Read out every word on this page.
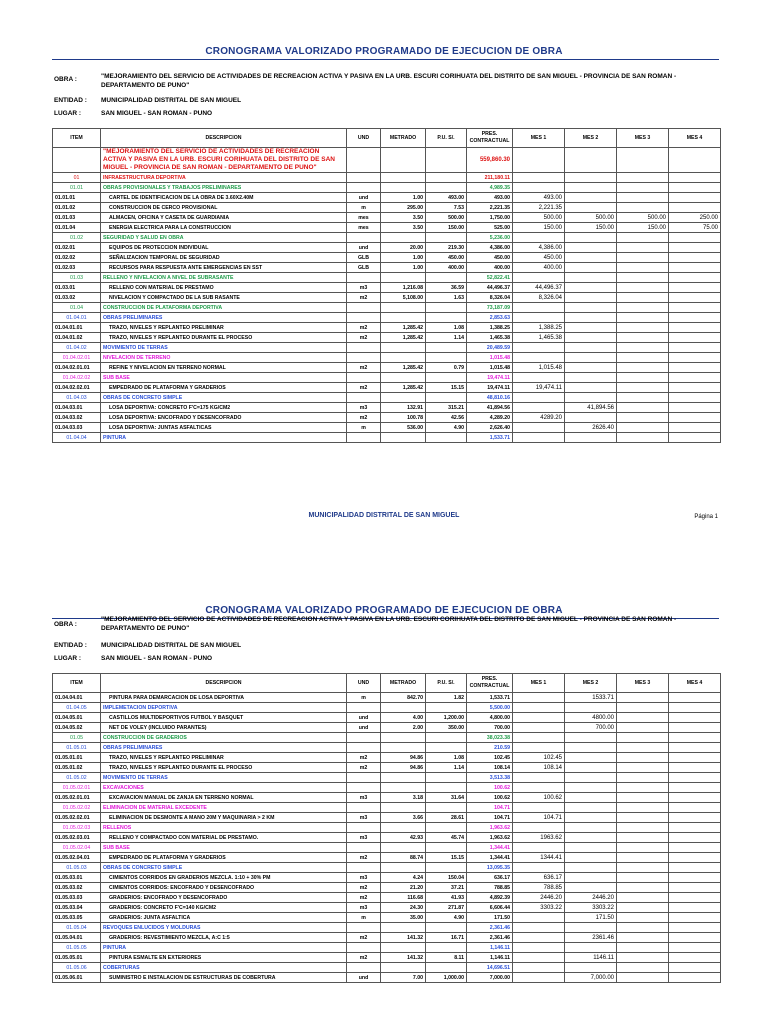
CRONOGRAMA VALORIZADO PROGRAMADO DE EJECUCION DE OBRA
OBRA :	"MEJORAMIENTO DEL SERVICIO DE ACTIVIDADES DE RECREACION ACTIVA Y PASIVA EN LA URB. ESCURI CORIHUATA DEL DISTRITO DE SAN MIGUEL - PROVINCIA DE SAN ROMAN - DEPARTAMENTO DE PUNO"
ENTIDAD : MUNICIPALIDAD DISTRITAL DE SAN MIGUEL
LUGAR :	SAN MIGUEL - SAN ROMAN - PUNO
ITEM	DESCRIPCION	UND	METRADO	P.U. S/.	PRES. CONTRACTUAL	MES 1	MES 2	MES 3	MES 4
	"MEJORAMIENTO DEL SERVICIO DE ACTIVIDADES DE RECREACION ACTIVA Y PASIVA EN LA URB. ESCURI CORIHUATA DEL DISTRITO DE SAN MIGUEL - PROVINCIA DE SAN ROMAN - DEPARTAMENTO DE PUNO"				559,860.30				
01	INFRAESTRUCTURA DEPORTIVA				211,180.11				
01.01	OBRAS PROVISIONALES Y TRABAJOS PRELIMINARES				4,989.35				
01.01.01	CARTEL DE IDENTIFICACION DE LA OBRA DE 3.60X2.40M	und	1.00	493.00	493.00	493.00			
01.01.02	CONSTRUCCION DE CERCO PROVISIONAL	m	295.00	7.53	2,221.35	2,221.35			
01.01.03	ALMACEN, OFICINA Y CASETA DE GUARDIANIA	mes	3.50	500.00	1,750.00	500.00	500.00	500.00	250.00
01.01.04	ENERGIA ELECTRICA PARA LA CONSTRUCCION	mes	3.50	150.00	525.00	150.00	150.00	150.00	75.00
01.02	SEGURIDAD Y SALUD EN OBRA				5,236.00				
01.02.01	EQUIPOS DE PROTECCION INDIVIDUAL	und	20.00	219.30	4,386.00	4,386.00			
01.02.02	SEÑALIZACION TEMPORAL DE SEGURIDAD	GLB	1.00	450.00	450.00	450.00			
01.02.03	RECURSOS PARA RESPUESTA ANTE EMERGENCIAS EN SST	GLB	1.00	400.00	400.00	400.00			
01.03	RELLENO Y NIVELACION A NIVEL DE SUBRASANTE				52,822.41				
01.03.01	RELLENO CON MATERIAL DE PRESTAMO	m3	1,216.08	36.59	44,496.37	44,496.37			
01.03.02	NIVELACION Y COMPACTADO DE LA SUB RASANTE	m2	5,108.00	1.63	8,326.04	8,326.04			
01.04	CONSTRUCCION DE PLATAFORMA DEPORTIVA				73,187.09				
01.04.01	OBRAS PRELIMINARES				2,853.63				
01.04.01.01	TRAZO, NIVELES Y REPLANTEO PRELIMINAR	m2	1,285.42	1.08	1,388.25	1,388.25			
01.04.01.02	TRAZO, NIVELES Y REPLANTEO DURANTE EL PROCESO	m2	1,285.42	1.14	1,465.38	1,465.38			
01.04.02	MOVIMIENTO DE TERRAS				20,489.59				
01.04.02.01	NIVELACION DE TERRENO				1,015.48				
01.04.02.01.01	REFINE Y NIVELACION EN TERRENO NORMAL	m2	1,285.42	0.79	1,015.48	1,015.48			
01.04.02.02	SUB BASE				19,474.11				
01.04.02.02.01	EMPEDRADO DE PLATAFORMA Y GRADERIOS	m2	1,285.42	15.15	19,474.11	19,474.11			
01.04.03	OBRAS DE CONCRETO SIMPLE				48,810.16				
01.04.03.01	LOSA DEPORTIVA: CONCRETO F'C=175 KG/CM2	m3	132.91	315.21	41,894.56		41,894.56		
01.04.03.02	LOSA DEPORTIVA: ENCOFRADO Y DESENCOFRADO	m2	100.78	42.56	4,289.20	4289.20			
01.04.03.03	LOSA DEPORTIVA: JUNTAS ASFALTICAS	m	536.00	4.90	2,626.40		2626.40		
01.04.04	PINTURA				1,533.71				
MUNICIPALIDAD DISTRITAL DE SAN MIGUEL	Página 1
CRONOGRAMA VALORIZADO PROGRAMADO DE EJECUCION DE OBRA
OBRA :
"MEJORAMIENTO DEL SERVICIO DE ACTIVIDADES DE RECREACION ACTIVA Y PASIVA EN LA URB. ESCURI CORIHUATA DEL DISTRITO DE SAN MIGUEL - PROVINCIA DE SAN ROMAN - DEPARTAMENTO DE PUNO"
ENTIDAD : MUNICIPALIDAD DISTRITAL DE SAN MIGUEL
LUGAR :	SAN MIGUEL - SAN ROMAN - PUNO
ITEM	DESCRIPCION	UND	METRADO	P.U. S/.	PRES. CONTRACTUAL	MES 1	MES 2	MES 3	MES 4
01.04.04.01	PINTURA PARA DEMARCACION DE LOSA DEPORTIVA	m	842.70	1.82	1,533.71		1533.71		
01.04.05	IMPLEMETACION DEPORTIVA				5,500.00				
01.04.05.01	CASTILLOS MULTIDEPORTIVOS FUTBOL Y BASQUET	und	4.00	1,200.00	4,800.00		4800.00		
01.04.05.02	NET DE VOLEY (INCLUIDO PARANTES)	und	2.00	350.00	700.00		700.00		
01.05	CONSTRUCCION DE GRADERIOS				38,023.38				
01.05.01	OBRAS PRELIMINARES				210.59				
01.05.01.01	TRAZO, NIVELES Y REPLANTEO PRELIMINAR	m2	94.86	1.08	102.45	102.45			
01.05.01.02	TRAZO, NIVELES Y REPLANTEO DURANTE EL PROCESO	m2	94.86	1.14	108.14	108.14			
01.05.02	MOVIMIENTO DE TERRAS				3,513.38				
01.05.02.01	EXCAVACIONES				100.62				
01.05.02.01.01	EXCAVACION MANUAL DE ZANJA EN TERRENO NORMAL	m3	3.18	31.64	100.62	100.62			
01.05.02.02	ELIMINACION DE MATERIAL EXCEDENTE				104.71				
01.05.02.02.01	ELIMINACION DE DESMONTE A MANO 20M Y MAQUINARIA > 2 KM	m3	3.66	28.61	104.71	104.71			
01.05.02.03	RELLENOS				1,963.62				
01.05.02.03.01	RELLENO Y COMPACTADO CON MATERIAL DE PRESTAMO.	m3	42.93	45.74	1,963.62	1963.62			
01.05.02.04	SUB BASE				1,344.41				
01.05.02.04.01	EMPEDRADO DE PLATAFORMA Y GRADERIOS	m2	88.74	15.15	1,344.41	1344.41			
01.05.03	OBRAS DE CONCRETO SIMPLE				13,095.35				
01.05.03.01	CIMIENTOS CORRIDOS EN GRADERIOS MEZCLA. 1:10 + 30% PM	m3	4.24	150.04	636.17	636.17			
01.05.03.02	CIMIENTOS CORRIDOS: ENCOFRADO Y DESENCOFRADO	m2	21.20	37.21	788.85	788.85			
01.05.03.03	GRADERIOS: ENCOFRADO Y DESENCOFRADO	m2	116.68	41.93	4,892.39	2446.20	2446.20		
01.05.03.04	GRADERIOS: CONCRETO F'C=140 KG/CM2	m3	24.30	271.87	6,606.44	3303.22	3303.22		
01.05.03.05	GRADERIOS: JUNTA ASFALTICA	m	35.00	4.90	171.50		171.50		
01.05.04	REVOQUES ENLUCIDOS Y MOLDURAS				2,361.46				
01.05.04.01	GRADERIOS: REVESTIMIENTO MEZCLA, A:C 1:5	m2	141.32	16.71	2,361.46		2361.46		
01.05.05	PINTURA				1,146.11				
01.05.05.01	PINTURA ESMALTE EN EXTERIORES	m2	141.32	8.11	1,146.11		1146.11		
01.05.06	COBERTURAS				14,696.51				
01.05.06.01	SUMINISTRO E INSTALACION DE ESTRUCTURAS DE COBERTURA	und	7.00	1,000.00	7,000.00		7,000.00		
